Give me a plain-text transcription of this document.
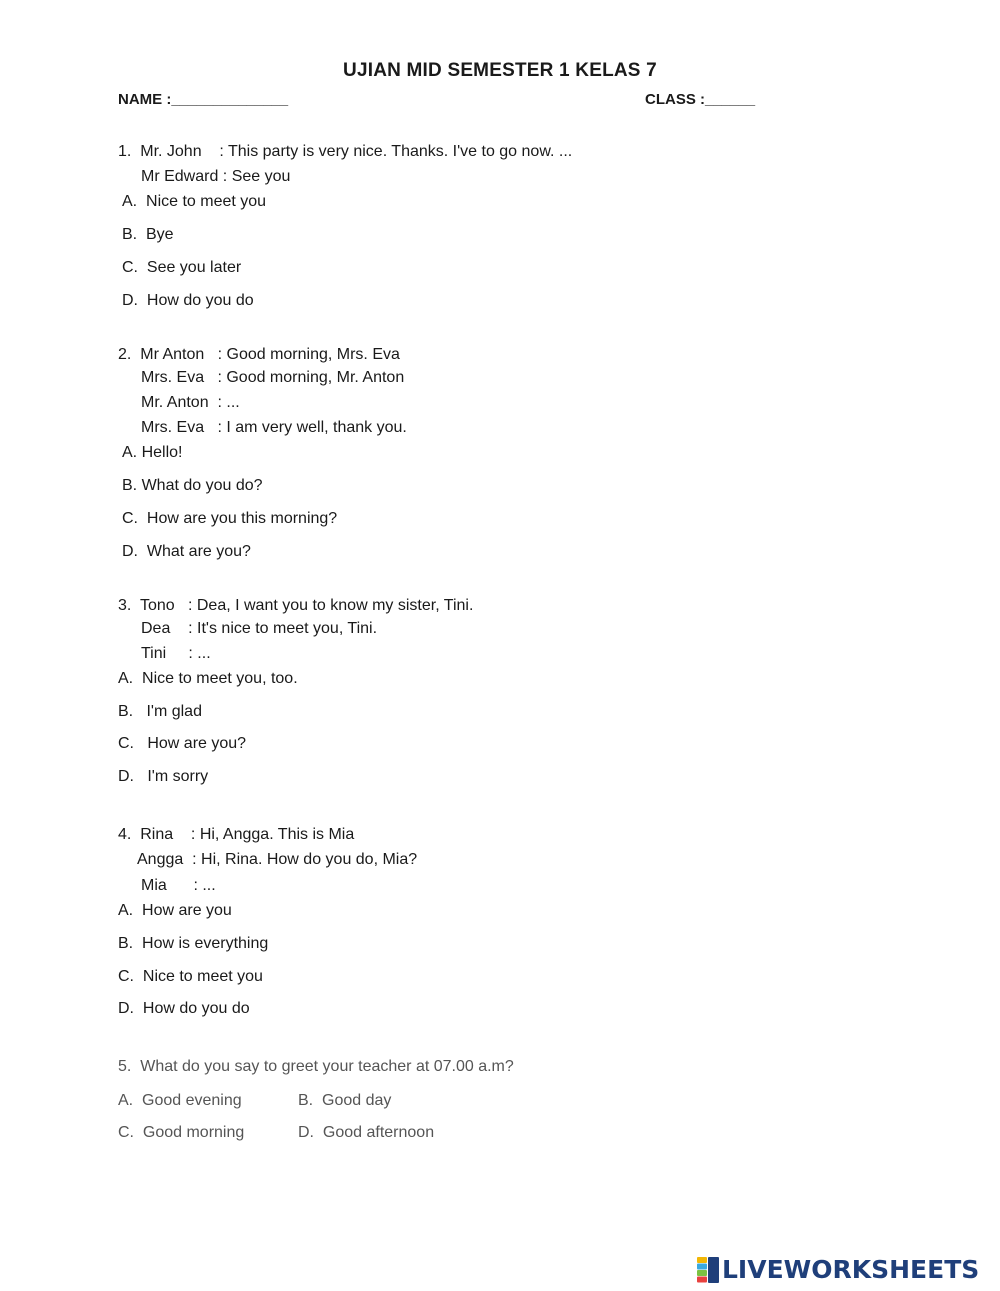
UJIAN MID SEMESTER 1 KELAS 7
NAME :______________	CLASS :______
1.  Mr. John    : This party is very nice. Thanks. I've to go now. ...
Mr Edward : See you
A.  Nice to meet you
B.  Bye
C.  See you later
D.  How do you do
2.  Mr Anton   : Good morning, Mrs. Eva
Mrs. Eva   : Good morning, Mr. Anton
Mr. Anton  : ...
Mrs. Eva   : I am very well, thank you.
A. Hello!
B. What do you do?
C.  How are you this morning?
D.  What are you?
3.  Tono   : Dea, I want you to know my sister, Tini.
Dea    : It's nice to meet you, Tini.
Tini     : ...
A.  Nice to meet you, too.
B.   I'm glad
C.   How are you?
D.   I'm sorry
4.  Rina    : Hi, Angga. This is Mia
Angga  : Hi, Rina. How do you do, Mia?
Mia      : ...
A.  How are you
B.  How is everything
C.  Nice to meet you
D.  How do you do
5.  What do you say to greet your teacher at 07.00 a.m?
A.  Good evening	B.  Good day
C.  Good morning	D.  Good afternoon
LIVEWORKSHEETS
